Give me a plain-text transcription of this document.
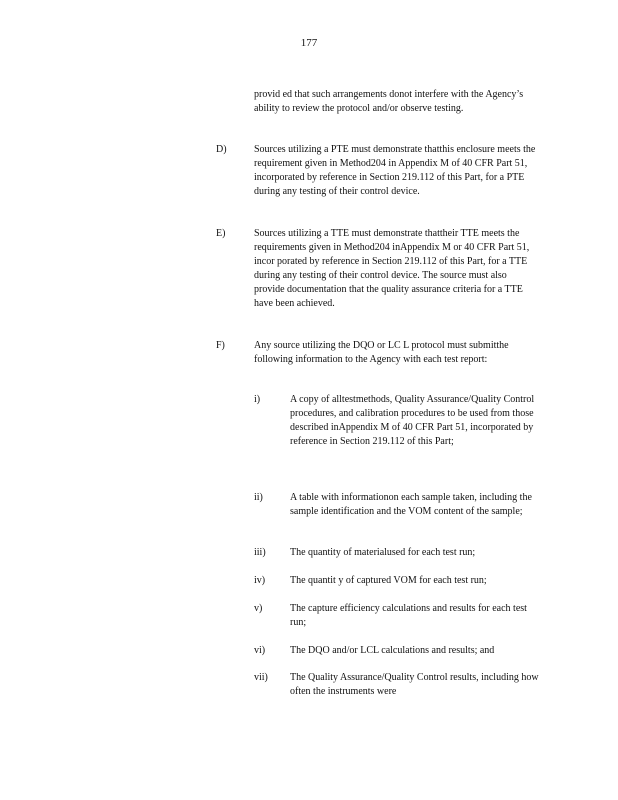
177
provid ed that such arrangements donot interfere with the Agency’s ability to review the protocol and/or observe testing.
D)	Sources utilizing a PTE must demonstrate thatthis enclosure meets the requirement given in Method204 in Appendix M of 40 CFR Part 51, incorporated by reference in Section 219.112 of this Part, for a PTE during any testing of their control device.
E)	Sources utilizing a TTE must demonstrate thattheir TTE meets the requirements given in Method204 inAppendix M or 40 CFR Part 51, incor porated by reference in Section 219.112 of this Part, for a TTE during any testing of their control device. The source must also provide documentation that the quality assurance criteria for a TTE have been achieved.
F)	Any source utilizing the DQO or LC L protocol must submitthe following information to the Agency with each test report:
i)	A copy of alltestmethods, Quality Assurance/Quality Control procedures, and calibration procedures to be used from those described inAppendix M of 40 CFR Part 51, incorporated by reference in Section 219.112 of this Part;
ii)	A table with informationon each sample taken, including the sample identification and the VOM content of the sample;
iii) The quantity of materialused for each test run;
iv) The quantit y of captured VOM for each test run;
v)	The capture efficiency calculations and results for each test run;
vi) The DQO and/or LCL calculations and results; and
vii) The Quality Assurance/Quality Control results, including how often the instruments were
